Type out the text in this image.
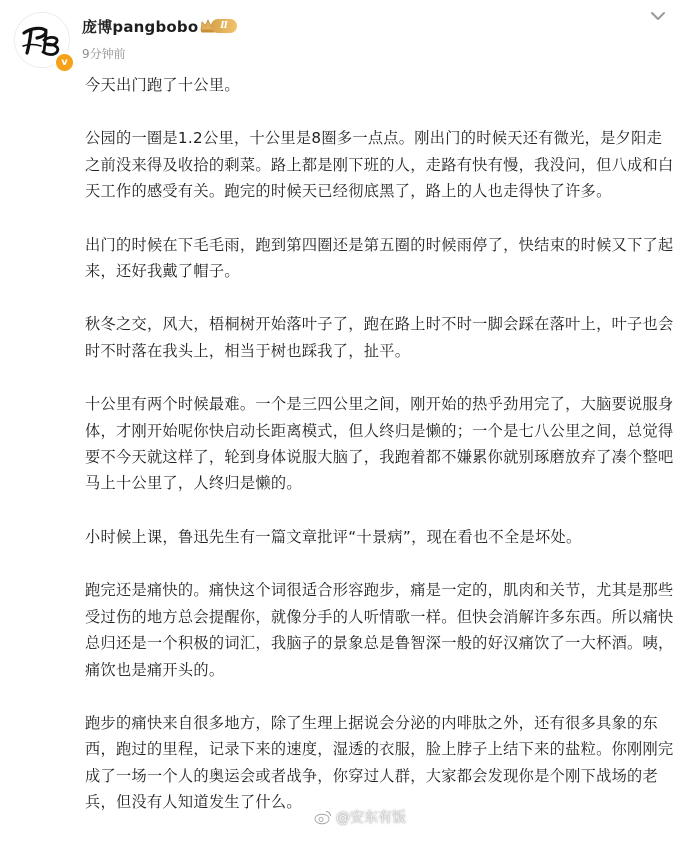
v
庞博pangbobo	Ⅱ
9分钟前

今天出门跑了十公里。

公园的一圈是1.2公里，十公里是8圈多一点点。刚出门的时候天还有微光，是夕阳走之前没来得及收拾的剩菜。路上都是刚下班的人，走路有快有慢，我没问，但八成和白天工作的感受有关。跑完的时候天已经彻底黑了，路上的人也走得快了许多。

出门的时候在下毛毛雨，跑到第四圈还是第五圈的时候雨停了，快结束的时候又下了起来，还好我戴了帽子。

秋冬之交，风大，梧桐树开始落叶子了，跑在路上时不时一脚会踩在落叶上，叶子也会时不时落在我头上，相当于树也踩我了，扯平。

十公里有两个时候最难。一个是三四公里之间，刚开始的热乎劲用完了，大脑要说服身体，才刚开始呢你快启动长距离模式，但人终归是懒的；一个是七八公里之间，总觉得要不今天就这样了，轮到身体说服大脑了，我跑着都不嫌累你就别琢磨放弃了凑个整吧马上十公里了，人终归是懒的。

小时候上课，鲁迅先生有一篇文章批评“十景病”，现在看也不全是坏处。

跑完还是痛快的。痛快这个词很适合形容跑步，痛是一定的，肌肉和关节，尤其是那些受过伤的地方总会提醒你，就像分手的人听情歌一样。但快会消解许多东西。所以痛快总归还是一个积极的词汇，我脑子的景象总是鲁智深一般的好汉痛饮了一大杯酒。咦，痛饮也是痛开头的。

跑步的痛快来自很多地方，除了生理上据说会分泌的内啡肽之外，还有很多具象的东西，跑过的里程，记录下来的速度，湿透的衣服，脸上脖子上结下来的盐粒。你刚刚完成了一场一个人的奥运会或者战争，你穿过人群，大家都会发现你是个刚下战场的老兵，但没有人知道发生了什么。

@安东有饭
